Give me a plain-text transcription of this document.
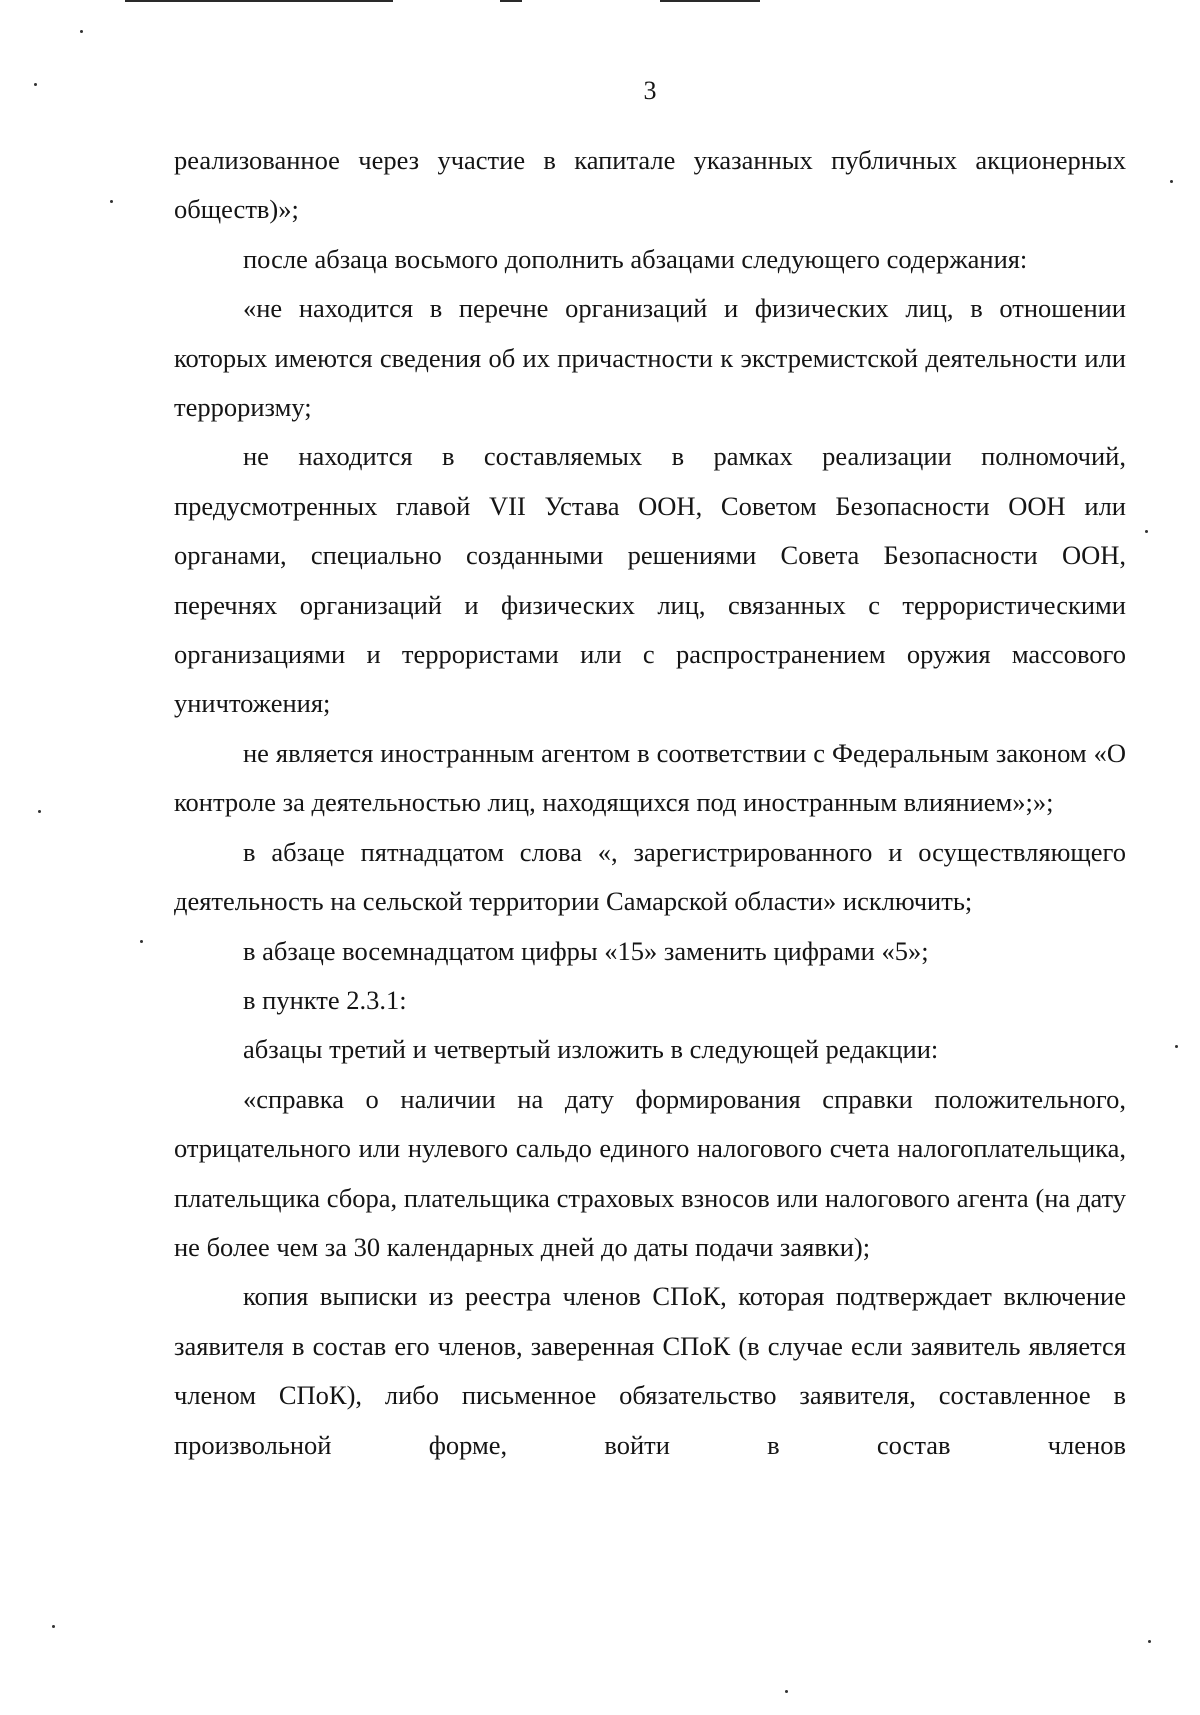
3

реализованное через участие в капитале указанных публичных акционерных обществ)»;

после абзаца восьмого дополнить абзацами следующего содержания:

«не находится в перечне организаций и физических лиц, в отношении которых имеются сведения об их причастности к экстремистской деятельности или терроризму;

не находится в составляемых в рамках реализации полномочий, предусмотренных главой VII Устава ООН, Советом Безопасности ООН или органами, специально созданными решениями Совета Безопасности ООН, перечнях организаций и физических лиц, связанных с террористическими организациями и террористами или с распространением оружия массового уничтожения;

не является иностранным агентом в соответствии с Федеральным законом «О контроле за деятельностью лиц, находящихся под иностранным влиянием»;»;

в абзаце пятнадцатом слова «, зарегистрированного и осуществляющего деятельность на сельской территории Самарской области» исключить;

в абзаце восемнадцатом цифры «15» заменить цифрами «5»;

в пункте 2.3.1:

абзацы третий и четвертый изложить в следующей редакции:

«справка о наличии на дату формирования справки положительного, отрицательного или нулевого сальдо единого налогового счета налогоплательщика, плательщика сбора, плательщика страховых взносов или налогового агента (на дату не более чем за 30 календарных дней до даты подачи заявки);

копия выписки из реестра членов СПоК, которая подтверждает включение заявителя в состав его членов, заверенная СПоК (в случае если заявитель является членом СПоК), либо письменное обязательство заявителя, составленное в произвольной форме, войти в состав членов
